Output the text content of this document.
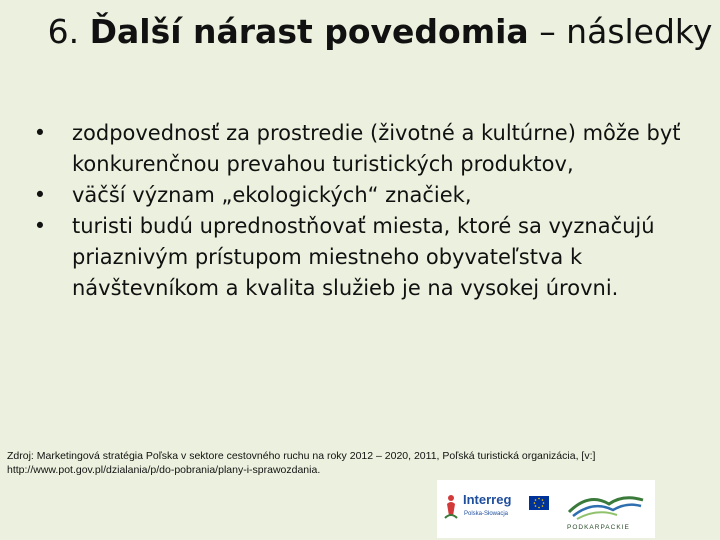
6. Ďalší nárast povedomia – následky
• zodpovednosť za prostredie (životné a kultúrne) môže byť konkurenčnou prevahou turistických produktov,
• väčší význam „ekologických“ značiek,
• turisti budú uprednostňovať miesta, ktoré sa vyznačujú priaznivým prístupom miestneho obyvateľstva k návštevníkom a kvalita služieb je na vysokej úrovni.
Zdroj: Marketingová stratégia Poľska v sektore cestovného ruchu na roky 2012 – 2020, 2011, Poľská turistická organizácia, [v:]
http://www.pot.gov.pl/dzialania/p/do-pobrania/plany-i-sprawozdania.
Interreg
Polska-Słowacja
PODKARPACKIE
